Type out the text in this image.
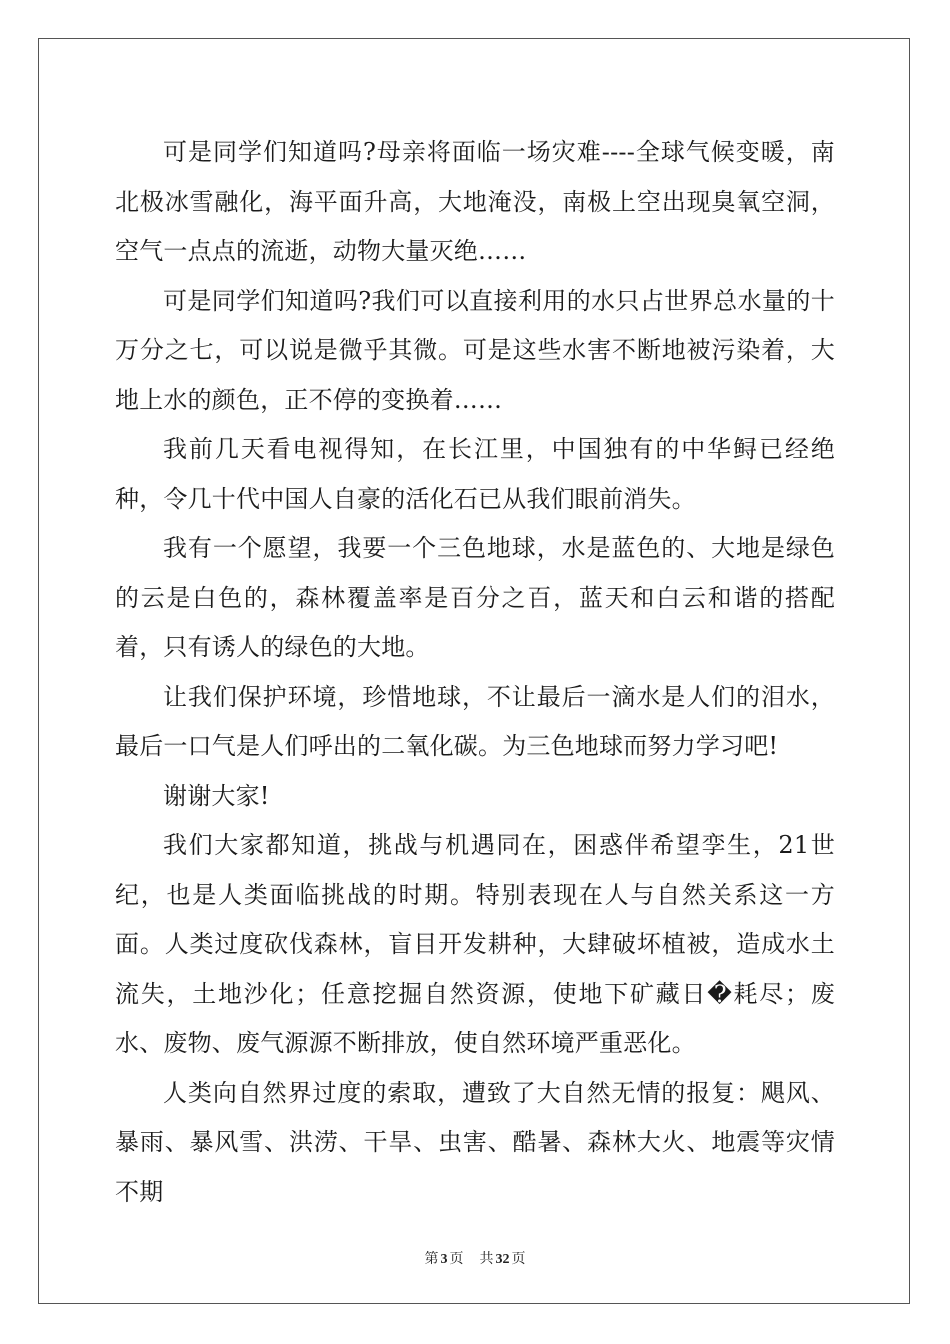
可是同学们知道吗?母亲将面临一场灾难----全球气候变暖，南北极冰雪融化，海平面升高，大地淹没，南极上空出现臭氧空洞，空气一点点的流逝，动物大量灭绝……

可是同学们知道吗?我们可以直接利用的水只占世界总水量的十万分之七，可以说是微乎其微。可是这些水害不断地被污染着，大地上水的颜色，正不停的变换着……

我前几天看电视得知，在长江里，中国独有的中华鲟已经绝种，令几十代中国人自豪的活化石已从我们眼前消失。

我有一个愿望，我要一个三色地球，水是蓝色的、大地是绿色的云是白色的，森林覆盖率是百分之百，蓝天和白云和谐的搭配着，只有诱人的绿色的大地。

让我们保护环境，珍惜地球，不让最后一滴水是人们的泪水，最后一口气是人们呼出的二氧化碳。为三色地球而努力学习吧!

谢谢大家!

我们大家都知道，挑战与机遇同在，困惑伴希望孪生，21世纪，也是人类面临挑战的时期。特别表现在人与自然关系这一方面。人类过度砍伐森林，盲目开发耕种，大肆破坏植被，造成水土流失，土地沙化；任意挖掘自然资源，使地下矿藏日�耗尽；废水、废物、废气源源不断排放，使自然环境严重恶化。

人类向自然界过度的索取，遭致了大自然无情的报复：飓风、暴雨、暴风雪、洪涝、干旱、虫害、酷暑、森林大火、地震等灾情不期

第 3 页 共 32 页
